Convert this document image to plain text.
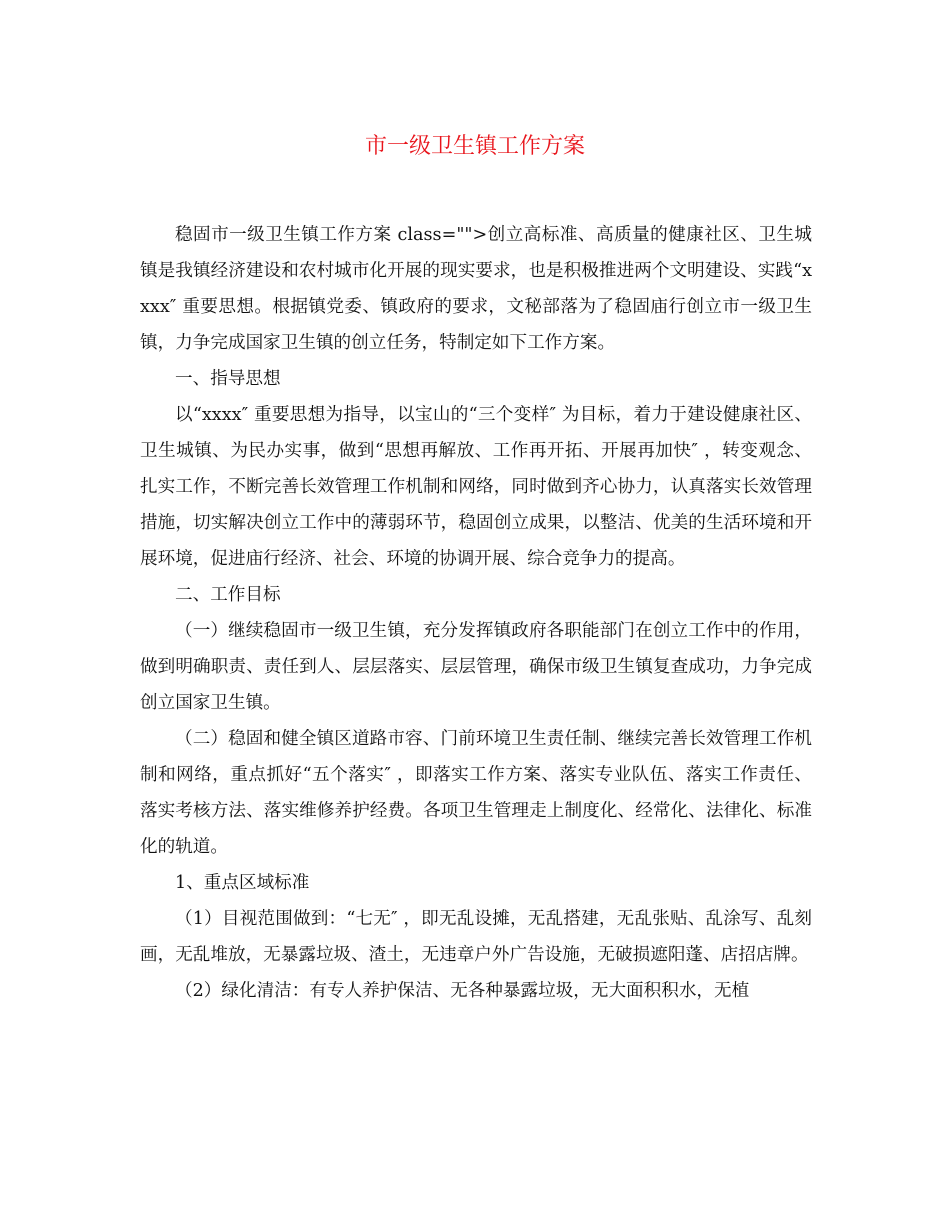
市一级卫生镇工作方案

稳固市一级卫生镇工作方案 class="">创立高标准、高质量的健康社区、卫生城镇是我镇经济建设和农村城市化开展的现实要求，也是积极推进两个文明建设、实践“xxxx″ 重要思想。根据镇党委、镇政府的要求，文秘部落为了稳固庙行创立市一级卫生镇，力争完成国家卫生镇的创立任务，特制定如下工作方案。

一、指导思想

以“xxxx″ 重要思想为指导，以宝山的“三个变样″ 为目标，着力于建设健康社区、卫生城镇、为民办实事，做到“思想再解放、工作再开拓、开展再加快″ ，转变观念、扎实工作，不断完善长效管理工作机制和网络，同时做到齐心协力，认真落实长效管理措施，切实解决创立工作中的薄弱环节，稳固创立成果，以整洁、优美的生活环境和开展环境，促进庙行经济、社会、环境的协调开展、综合竞争力的提高。

二、工作目标

（一）继续稳固市一级卫生镇，充分发挥镇政府各职能部门在创立工作中的作用，做到明确职责、责任到人、层层落实、层层管理，确保市级卫生镇复查成功，力争完成创立国家卫生镇。

（二）稳固和健全镇区道路市容、门前环境卫生责任制、继续完善长效管理工作机制和网络，重点抓好“五个落实″ ，即落实工作方案、落实专业队伍、落实工作责任、落实考核方法、落实维修养护经费。各项卫生管理走上制度化、经常化、法律化、标准化的轨道。

1、重点区域标准

（1）目视范围做到：“七无″ ，即无乱设摊，无乱搭建，无乱张贴、乱涂写、乱刻画，无乱堆放，无暴露垃圾、渣土，无违章户外广告设施，无破损遮阳蓬、店招店牌。

（2）绿化清洁：有专人养护保洁、无各种暴露垃圾，无大面积积水，无植
